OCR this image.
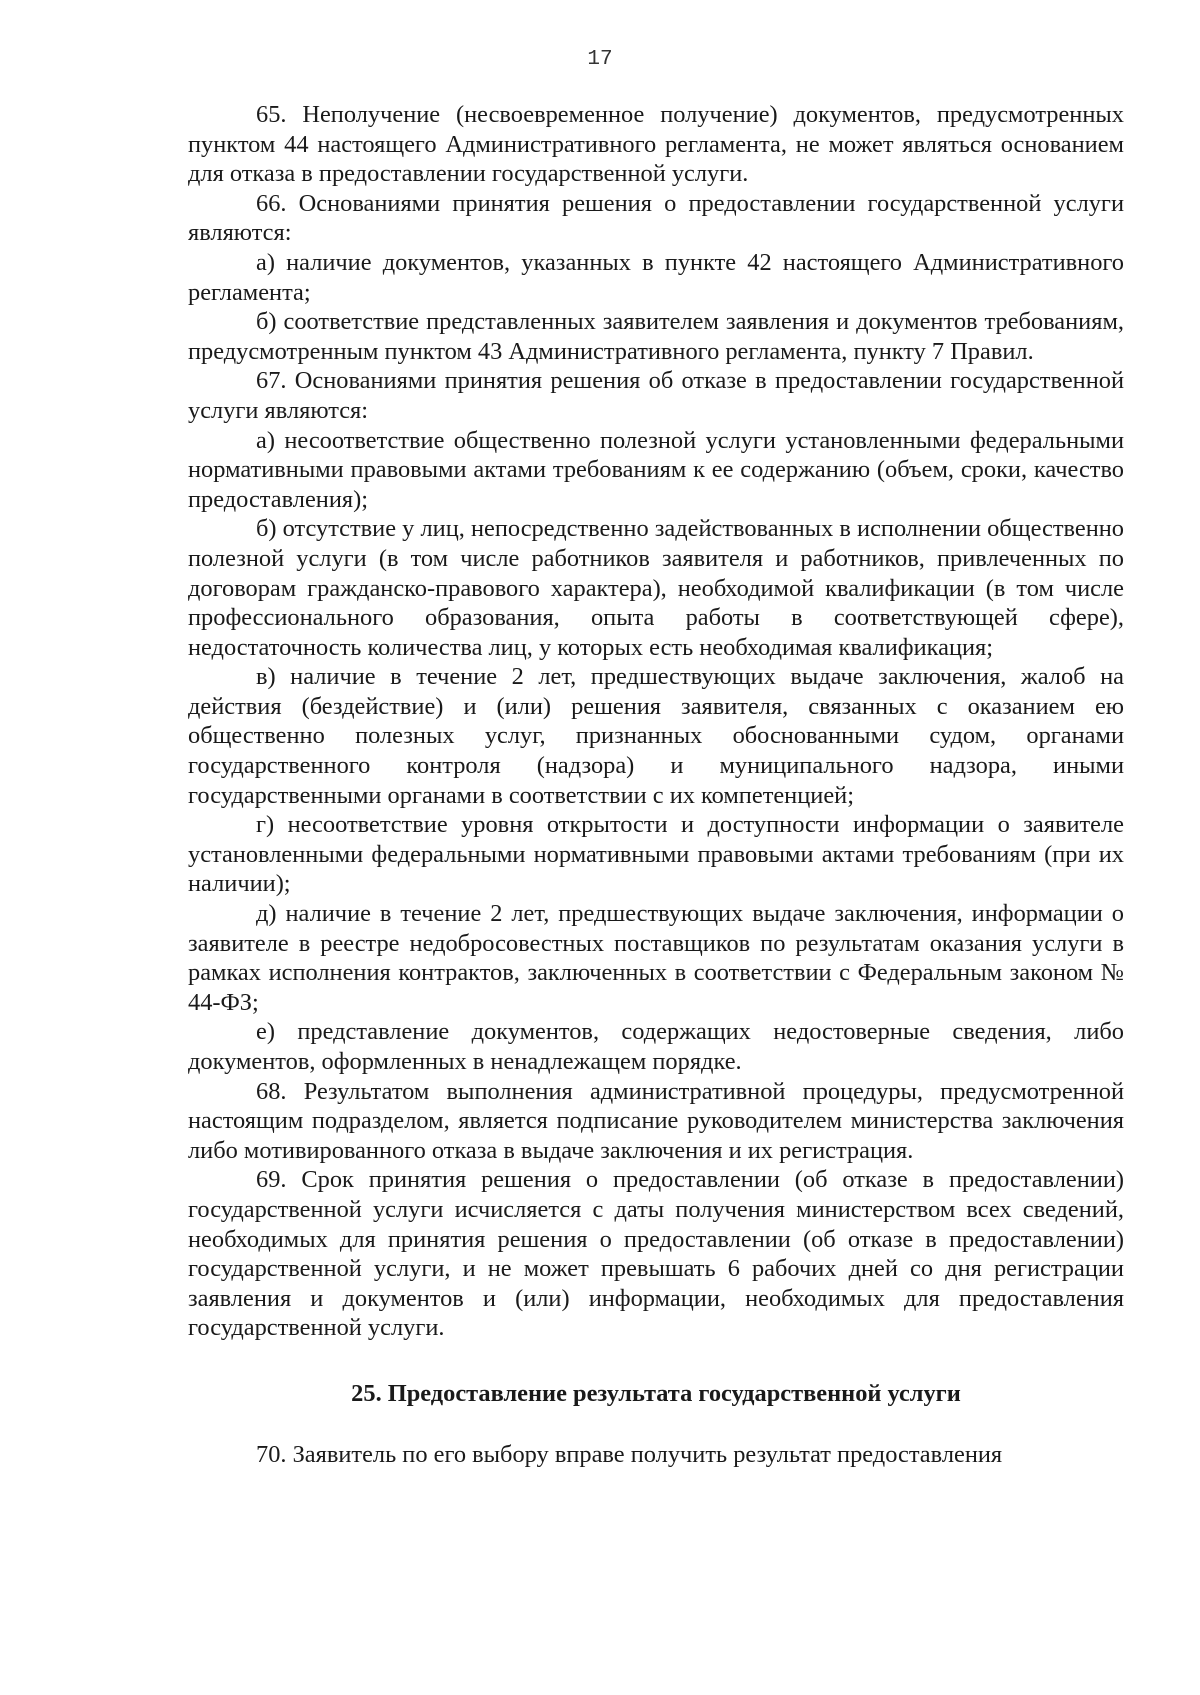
17

65. Неполучение (несвоевременное получение) документов, предусмотренных пунктом 44 настоящего Административного регламента, не может являться основанием для отказа в предоставлении государственной услуги.

66. Основаниями принятия решения о предоставлении государственной услуги являются:

а) наличие документов, указанных в пункте 42 настоящего Административного регламента;

б) соответствие представленных заявителем заявления и документов требованиям, предусмотренным пунктом 43 Административного регламента, пункту 7 Правил.

67. Основаниями принятия решения об отказе в предоставлении государственной услуги являются:

а) несоответствие общественно полезной услуги установленными федеральными нормативными правовыми актами требованиям к ее содержанию (объем, сроки, качество предоставления);

б) отсутствие у лиц, непосредственно задействованных в исполнении общественно полезной услуги (в том числе работников заявителя и работников, привлеченных по договорам гражданско-правового характера), необходимой квалификации (в том числе профессионального образования, опыта работы в соответствующей сфере), недостаточность количества лиц, у которых есть необходимая квалификация;

в) наличие в течение 2 лет, предшествующих выдаче заключения, жалоб на действия (бездействие) и (или) решения заявителя, связанных с оказанием ею общественно полезных услуг, признанных обоснованными судом, органами государственного контроля (надзора) и муниципального надзора, иными государственными органами в соответствии с их компетенцией;

г) несоответствие уровня открытости и доступности информации о заявителе установленными федеральными нормативными правовыми актами требованиям (при их наличии);

д) наличие в течение 2 лет, предшествующих выдаче заключения, информации о заявителе в реестре недобросовестных поставщиков по результатам оказания услуги в рамках исполнения контрактов, заключенных в соответствии с Федеральным законом № 44-ФЗ;

е) представление документов, содержащих недостоверные сведения, либо документов, оформленных в ненадлежащем порядке.

68. Результатом выполнения административной процедуры, предусмотренной настоящим подразделом, является подписание руководителем министерства заключения либо мотивированного отказа в выдаче заключения и их регистрация.

69. Срок принятия решения о предоставлении (об отказе в предоставлении) государственной услуги исчисляется с даты получения министерством всех сведений, необходимых для принятия решения о предоставлении (об отказе в предоставлении) государственной услуги, и не может превышать 6 рабочих дней со дня регистрации заявления и документов и (или) информации, необходимых для предоставления государственной услуги.

25. Предоставление результата государственной услуги

70. Заявитель по его выбору вправе получить результат предоставления
